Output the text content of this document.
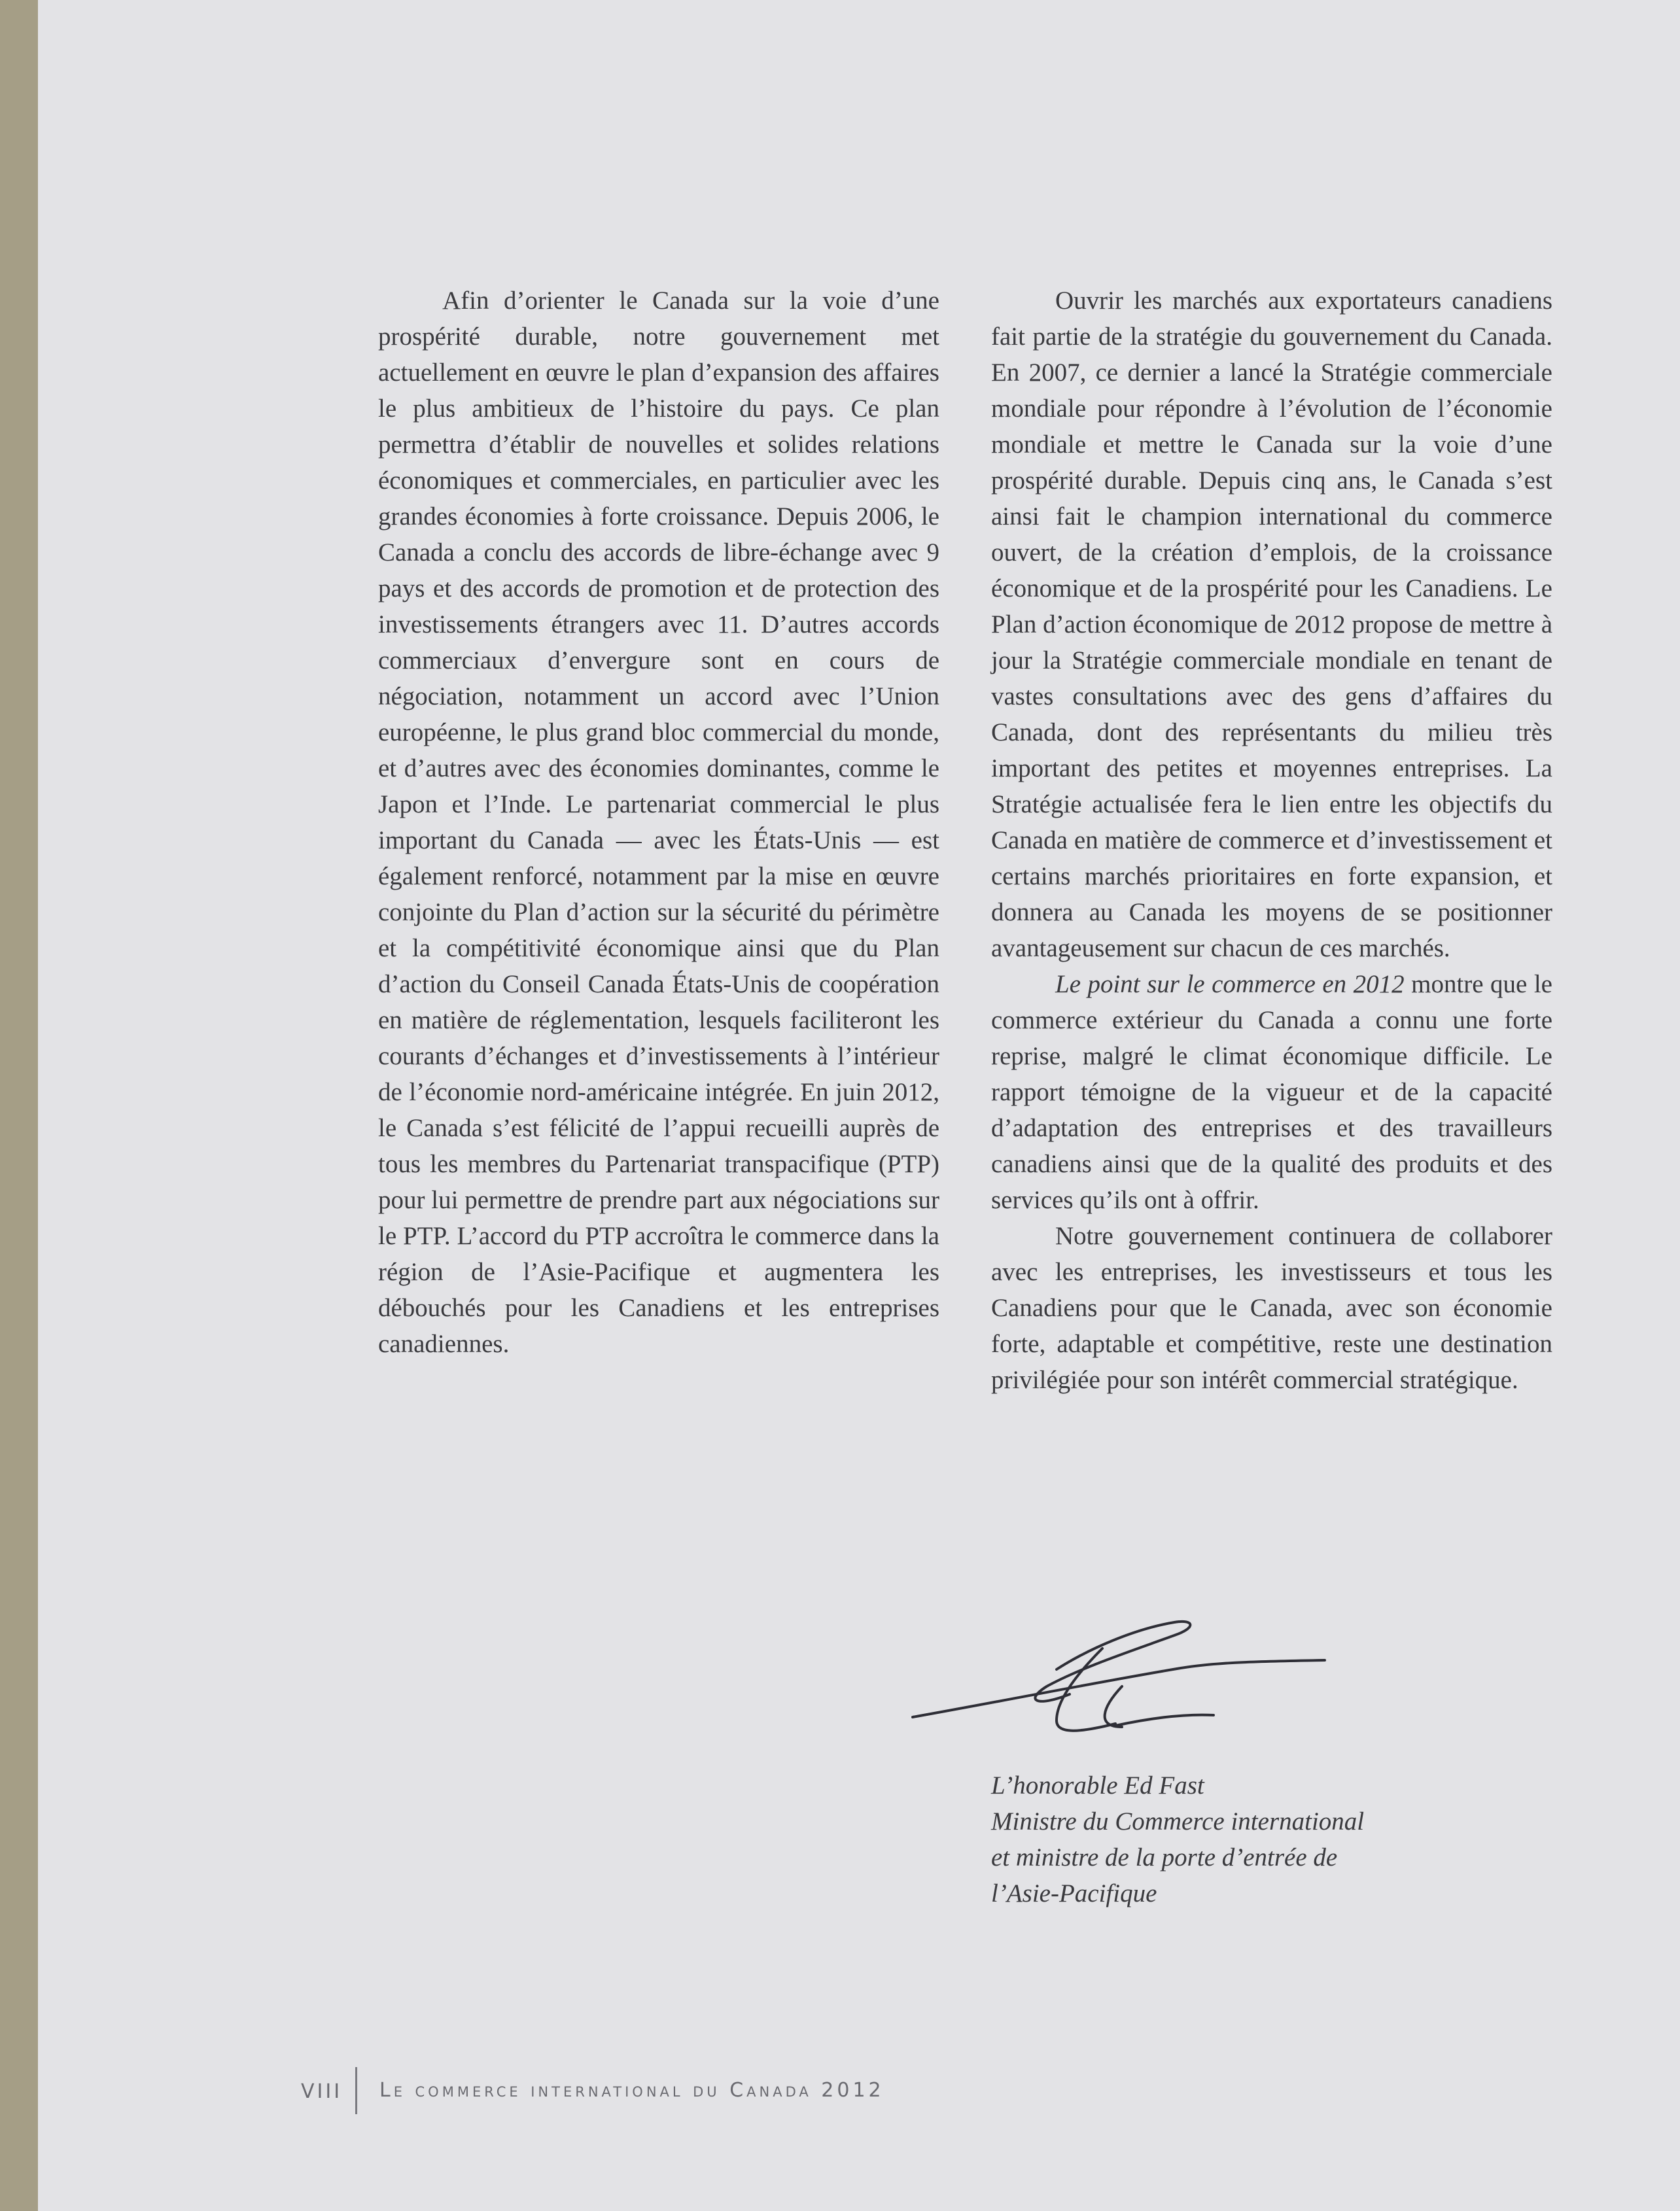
Afin d’orienter le Canada sur la voie d’une prospérité durable, notre gouvernement met actuellement en œuvre le plan d’expansion des affaires le plus ambitieux de l’histoire du pays. Ce plan permettra d’établir de nouvelles et solides relations économiques et commerciales, en particulier avec les grandes économies à forte croissance. Depuis 2006, le Canada a conclu des accords de libre-échange avec 9 pays et des accords de promotion et de protection des investissements étrangers avec 11. D’autres accords commerciaux d’envergure sont en cours de négociation, notamment un accord avec l’Union européenne, le plus grand bloc commercial du monde, et d’autres avec des économies dominantes, comme le Japon et l’Inde. Le partenariat commercial le plus important du Canada — avec les États-Unis — est également renforcé, notamment par la mise en œuvre conjointe du Plan d’action sur la sécurité du périmètre et la compétitivité économique ainsi que du Plan d’action du Conseil Canada États-Unis de coopération en matière de réglementation, lesquels faciliteront les courants d’échanges et d’investissements à l’intérieur de l’économie nord-américaine intégrée. En juin 2012, le Canada s’est félicité de l’appui recueilli auprès de tous les membres du Partenariat transpacifique (PTP) pour lui permettre de prendre part aux négociations sur le PTP. L’accord du PTP accroîtra le commerce dans la région de l’Asie-Pacifique et augmentera les débouchés pour les Canadiens et les entreprises canadiennes.

Ouvrir les marchés aux exportateurs canadiens fait partie de la stratégie du gouvernement du Canada. En 2007, ce dernier a lancé la Stratégie commerciale mondiale pour répondre à l’évolution de l’économie mondiale et mettre le Canada sur la voie d’une prospérité durable. Depuis cinq ans, le Canada s’est ainsi fait le champion international du commerce ouvert, de la création d’emplois, de la croissance économique et de la prospérité pour les Canadiens. Le Plan d’action économique de 2012 propose de mettre à jour la Stratégie commerciale mondiale en tenant de vastes consultations avec des gens d’affaires du Canada, dont des représentants du milieu très important des petites et moyennes entreprises. La Stratégie actualisée fera le lien entre les objectifs du Canada en matière de commerce et d’investissement et certains marchés prioritaires en forte expansion, et donnera au Canada les moyens de se positionner avantageusement sur chacun de ces marchés.

Le point sur le commerce en 2012 montre que le commerce extérieur du Canada a connu une forte reprise, malgré le climat économique difficile. Le rapport témoigne de la vigueur et de la capacité d’adaptation des entreprises et des travailleurs canadiens ainsi que de la qualité des produits et des services qu’ils ont à offrir.

Notre gouvernement continuera de collaborer avec les entreprises, les investisseurs et tous les Canadiens pour que le Canada, avec son économie forte, adaptable et compétitive, reste une destination privilégiée pour son intérêt commercial stratégique.

L’honorable Ed Fast
Ministre du Commerce international
et ministre de la porte d’entrée de
l’Asie-Pacifique
VIII Le commerce international du Canada 2012
